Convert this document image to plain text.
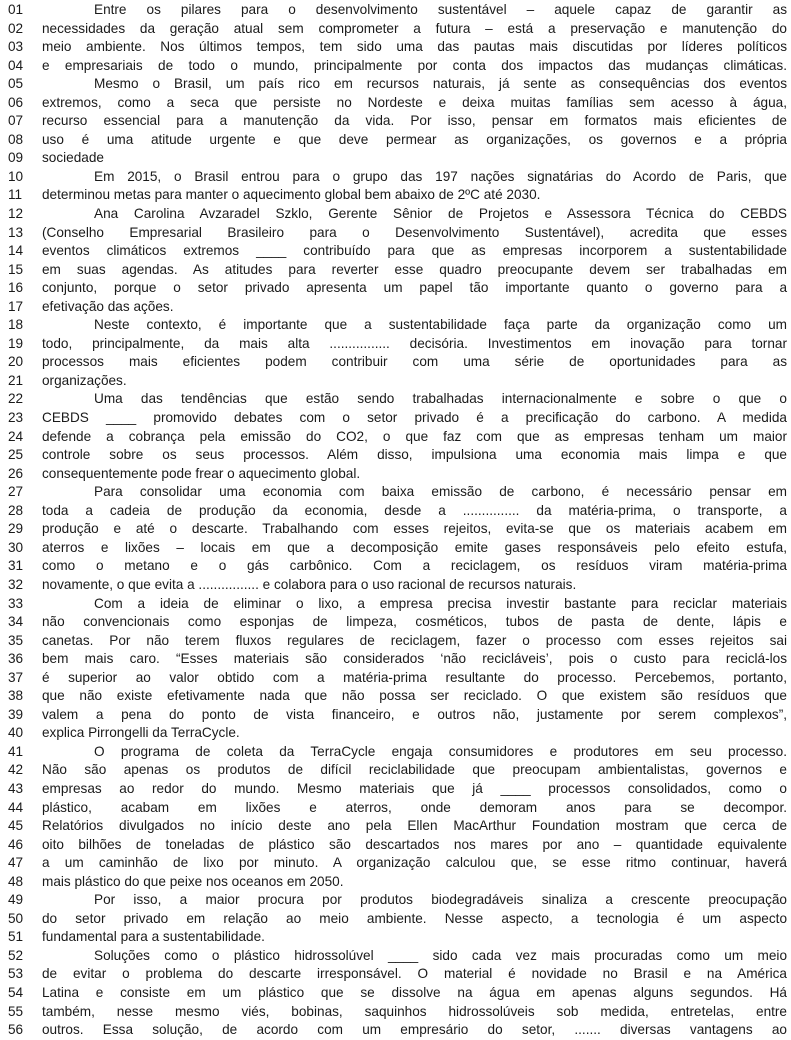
01	Entre os pilares para o desenvolvimento sustentável – aquele capaz de garantir as
02	necessidades da geração atual sem comprometer a futura – está a preservação e manutenção do
03	meio ambiente. Nos últimos tempos, tem sido uma das pautas mais discutidas por líderes políticos
04	e empresariais de todo o mundo, principalmente por conta dos impactos das mudanças climáticas.
05	Mesmo o Brasil, um país rico em recursos naturais, já sente as consequências dos eventos
06	extremos, como a seca que persiste no Nordeste e deixa muitas famílias sem acesso à água,
07	recurso essencial para a manutenção da vida. Por isso, pensar em formatos mais eficientes de
08	uso é uma atitude urgente e que deve permear as organizações, os governos e a própria
09	sociedade
10	Em 2015, o Brasil entrou para o grupo das 197 nações signatárias do Acordo de Paris, que
11	determinou metas para manter o aquecimento global bem abaixo de 2ºC até 2030.
12	Ana Carolina Avzaradel Szklo, Gerente Sênior de Projetos e Assessora Técnica do CEBDS
13	(Conselho Empresarial Brasileiro para o Desenvolvimento Sustentável), acredita que esses
14	eventos climáticos extremos ____ contribuído para que as empresas incorporem a sustentabilidade
15	em suas agendas. As atitudes para reverter esse quadro preocupante devem ser trabalhadas em
16	conjunto, porque o setor privado apresenta um papel tão importante quanto o governo para a
17	efetivação das ações.
18	Neste contexto, é importante que a sustentabilidade faça parte da organização como um
19	todo, principalmente, da mais alta ................ decisória. Investimentos em inovação para tornar
20	processos mais eficientes podem contribuir com uma série de oportunidades para as
21	organizações.
22	Uma das tendências que estão sendo trabalhadas internacionalmente e sobre o que o
23	CEBDS ____ promovido debates com o setor privado é a precificação do carbono. A medida
24	defende a cobrança pela emissão do CO2, o que faz com que as empresas tenham um maior
25	controle sobre os seus processos. Além disso, impulsiona uma economia mais limpa e que
26	consequentemente pode frear o aquecimento global.
27	Para consolidar uma economia com baixa emissão de carbono, é necessário pensar em
28	toda a cadeia de produção da economia, desde a ............... da matéria-prima, o transporte, a
29	produção e até o descarte. Trabalhando com esses rejeitos, evita-se que os materiais acabem em
30	aterros e lixões – locais em que a decomposição emite gases responsáveis pelo efeito estufa,
31	como o metano e o gás carbônico. Com a reciclagem, os resíduos viram matéria-prima
32	novamente, o que evita a ................ e colabora para o uso racional de recursos naturais.
33	Com a ideia de eliminar o lixo, a empresa precisa investir bastante para reciclar materiais
34	não convencionais como esponjas de limpeza, cosméticos, tubos de pasta de dente, lápis e
35	canetas. Por não terem fluxos regulares de reciclagem, fazer o processo com esses rejeitos sai
36	bem mais caro. “Esses materiais são considerados ‘não recicláveis’, pois o custo para reciclá-los
37	é superior ao valor obtido com a matéria-prima resultante do processo. Percebemos, portanto,
38	que não existe efetivamente nada que não possa ser reciclado. O que existem são resíduos que
39	valem a pena do ponto de vista financeiro, e outros não, justamente por serem complexos”,
40	explica Pirrongelli da TerraCycle.
41	O programa de coleta da TerraCycle engaja consumidores e produtores em seu processo.
42	Não são apenas os produtos de difícil reciclabilidade que preocupam ambientalistas, governos e
43	empresas ao redor do mundo. Mesmo materiais que já ____ processos consolidados, como o
44	plástico, acabam em lixões e aterros, onde demoram anos para se decompor.
45	Relatórios divulgados no início deste ano pela Ellen MacArthur Foundation mostram que cerca de
46	oito bilhões de toneladas de plástico são descartados nos mares por ano – quantidade equivalente
47	a um caminhão de lixo por minuto. A organização calculou que, se esse ritmo continuar, haverá
48	mais plástico do que peixe nos oceanos em 2050.
49	Por isso, a maior procura por produtos biodegradáveis sinaliza a crescente preocupação
50	do setor privado em relação ao meio ambiente. Nesse aspecto, a tecnologia é um aspecto
51	fundamental para a sustentabilidade.
52	Soluções como o plástico hidrossolúvel ____ sido cada vez mais procuradas como um meio
53	de evitar o problema do descarte irresponsável. O material é novidade no Brasil e na América
54	Latina e consiste em um plástico que se dissolve na água em apenas alguns segundos. Há
55	também, nesse mesmo viés, bobinas, saquinhos hidrossolúveis sob medida, entretelas, entre
56	outros. Essa solução, de acordo com um empresário do setor, ....... diversas vantagens ao
